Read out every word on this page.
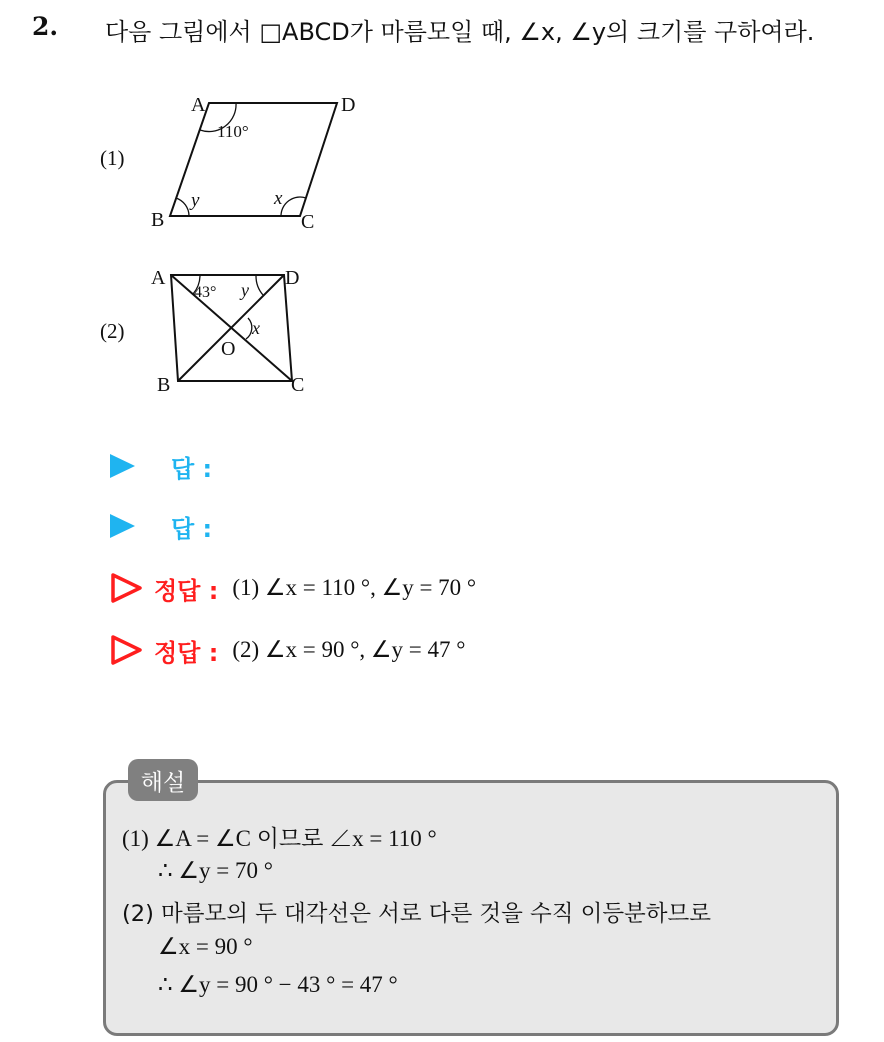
2. 다음 그림에서 □ABCD가 마름모일 때, ∠x, ∠y의 크기를 구하여라.
(1)
(2)
A	D
B	C
110°
y	x
A	D
B	C
O
43° y
x
답 :
답 :
정답 : (1) ∠x = 110 °, ∠y = 70 °
정답 : (2) ∠x = 90 °, ∠y = 47 °
해설
(1) ∠A = ∠C 이므로 ∠x = 110 °
∴ ∠y = 70 °
(2) 마름모의 두 대각선은 서로 다른 것을 수직 이등분하므로
∠x = 90 °
∴ ∠y = 90 ° − 43 ° = 47 °
